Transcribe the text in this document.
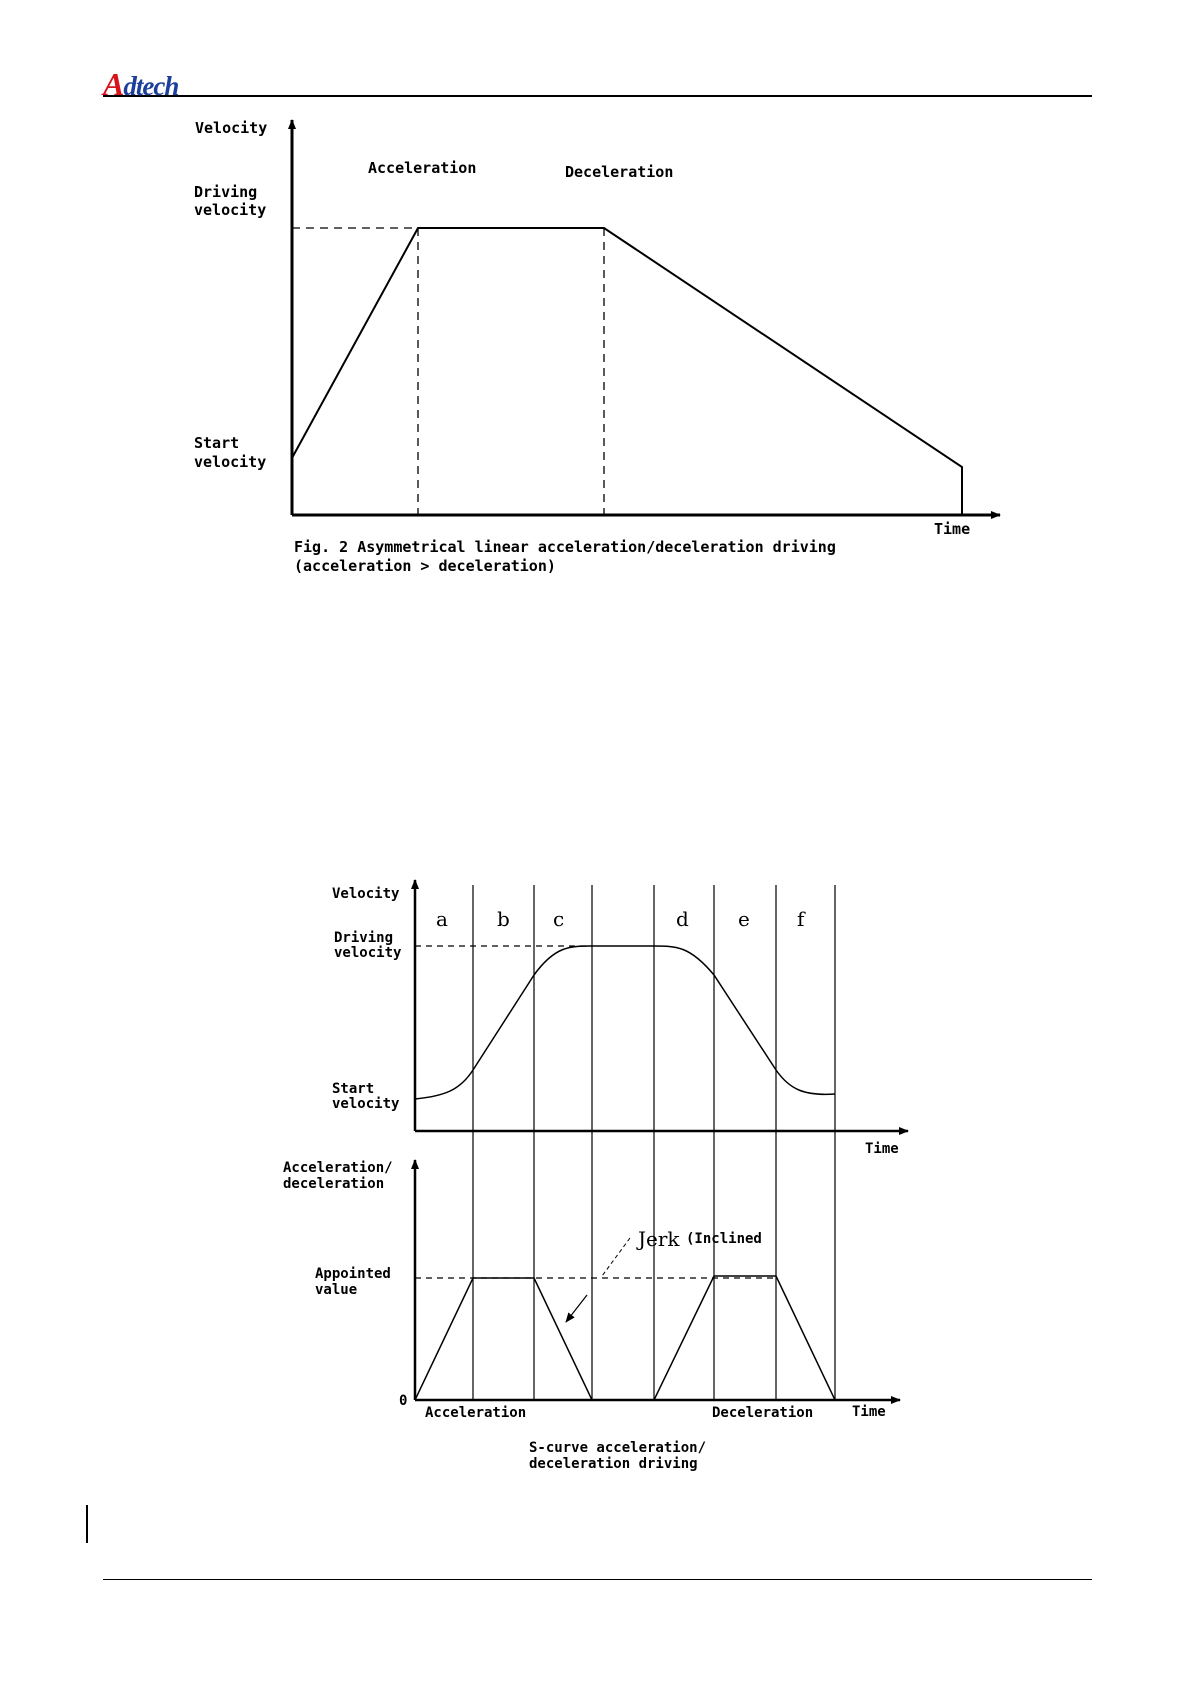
Adtech
Velocity
Driving
velocity
Start
velocity
Acceleration	Deceleration
Time
Fig. 2 Asymmetrical linear acceleration/deceleration driving
(acceleration > deceleration)
a b c	d e f
Velocity
Driving
velocity
Start
velocity
Time
Acceleration/
deceleration
Appointed
value
0
Jerk (Inclined
Acceleration	Deceleration	Time
S-curve acceleration/
deceleration driving
